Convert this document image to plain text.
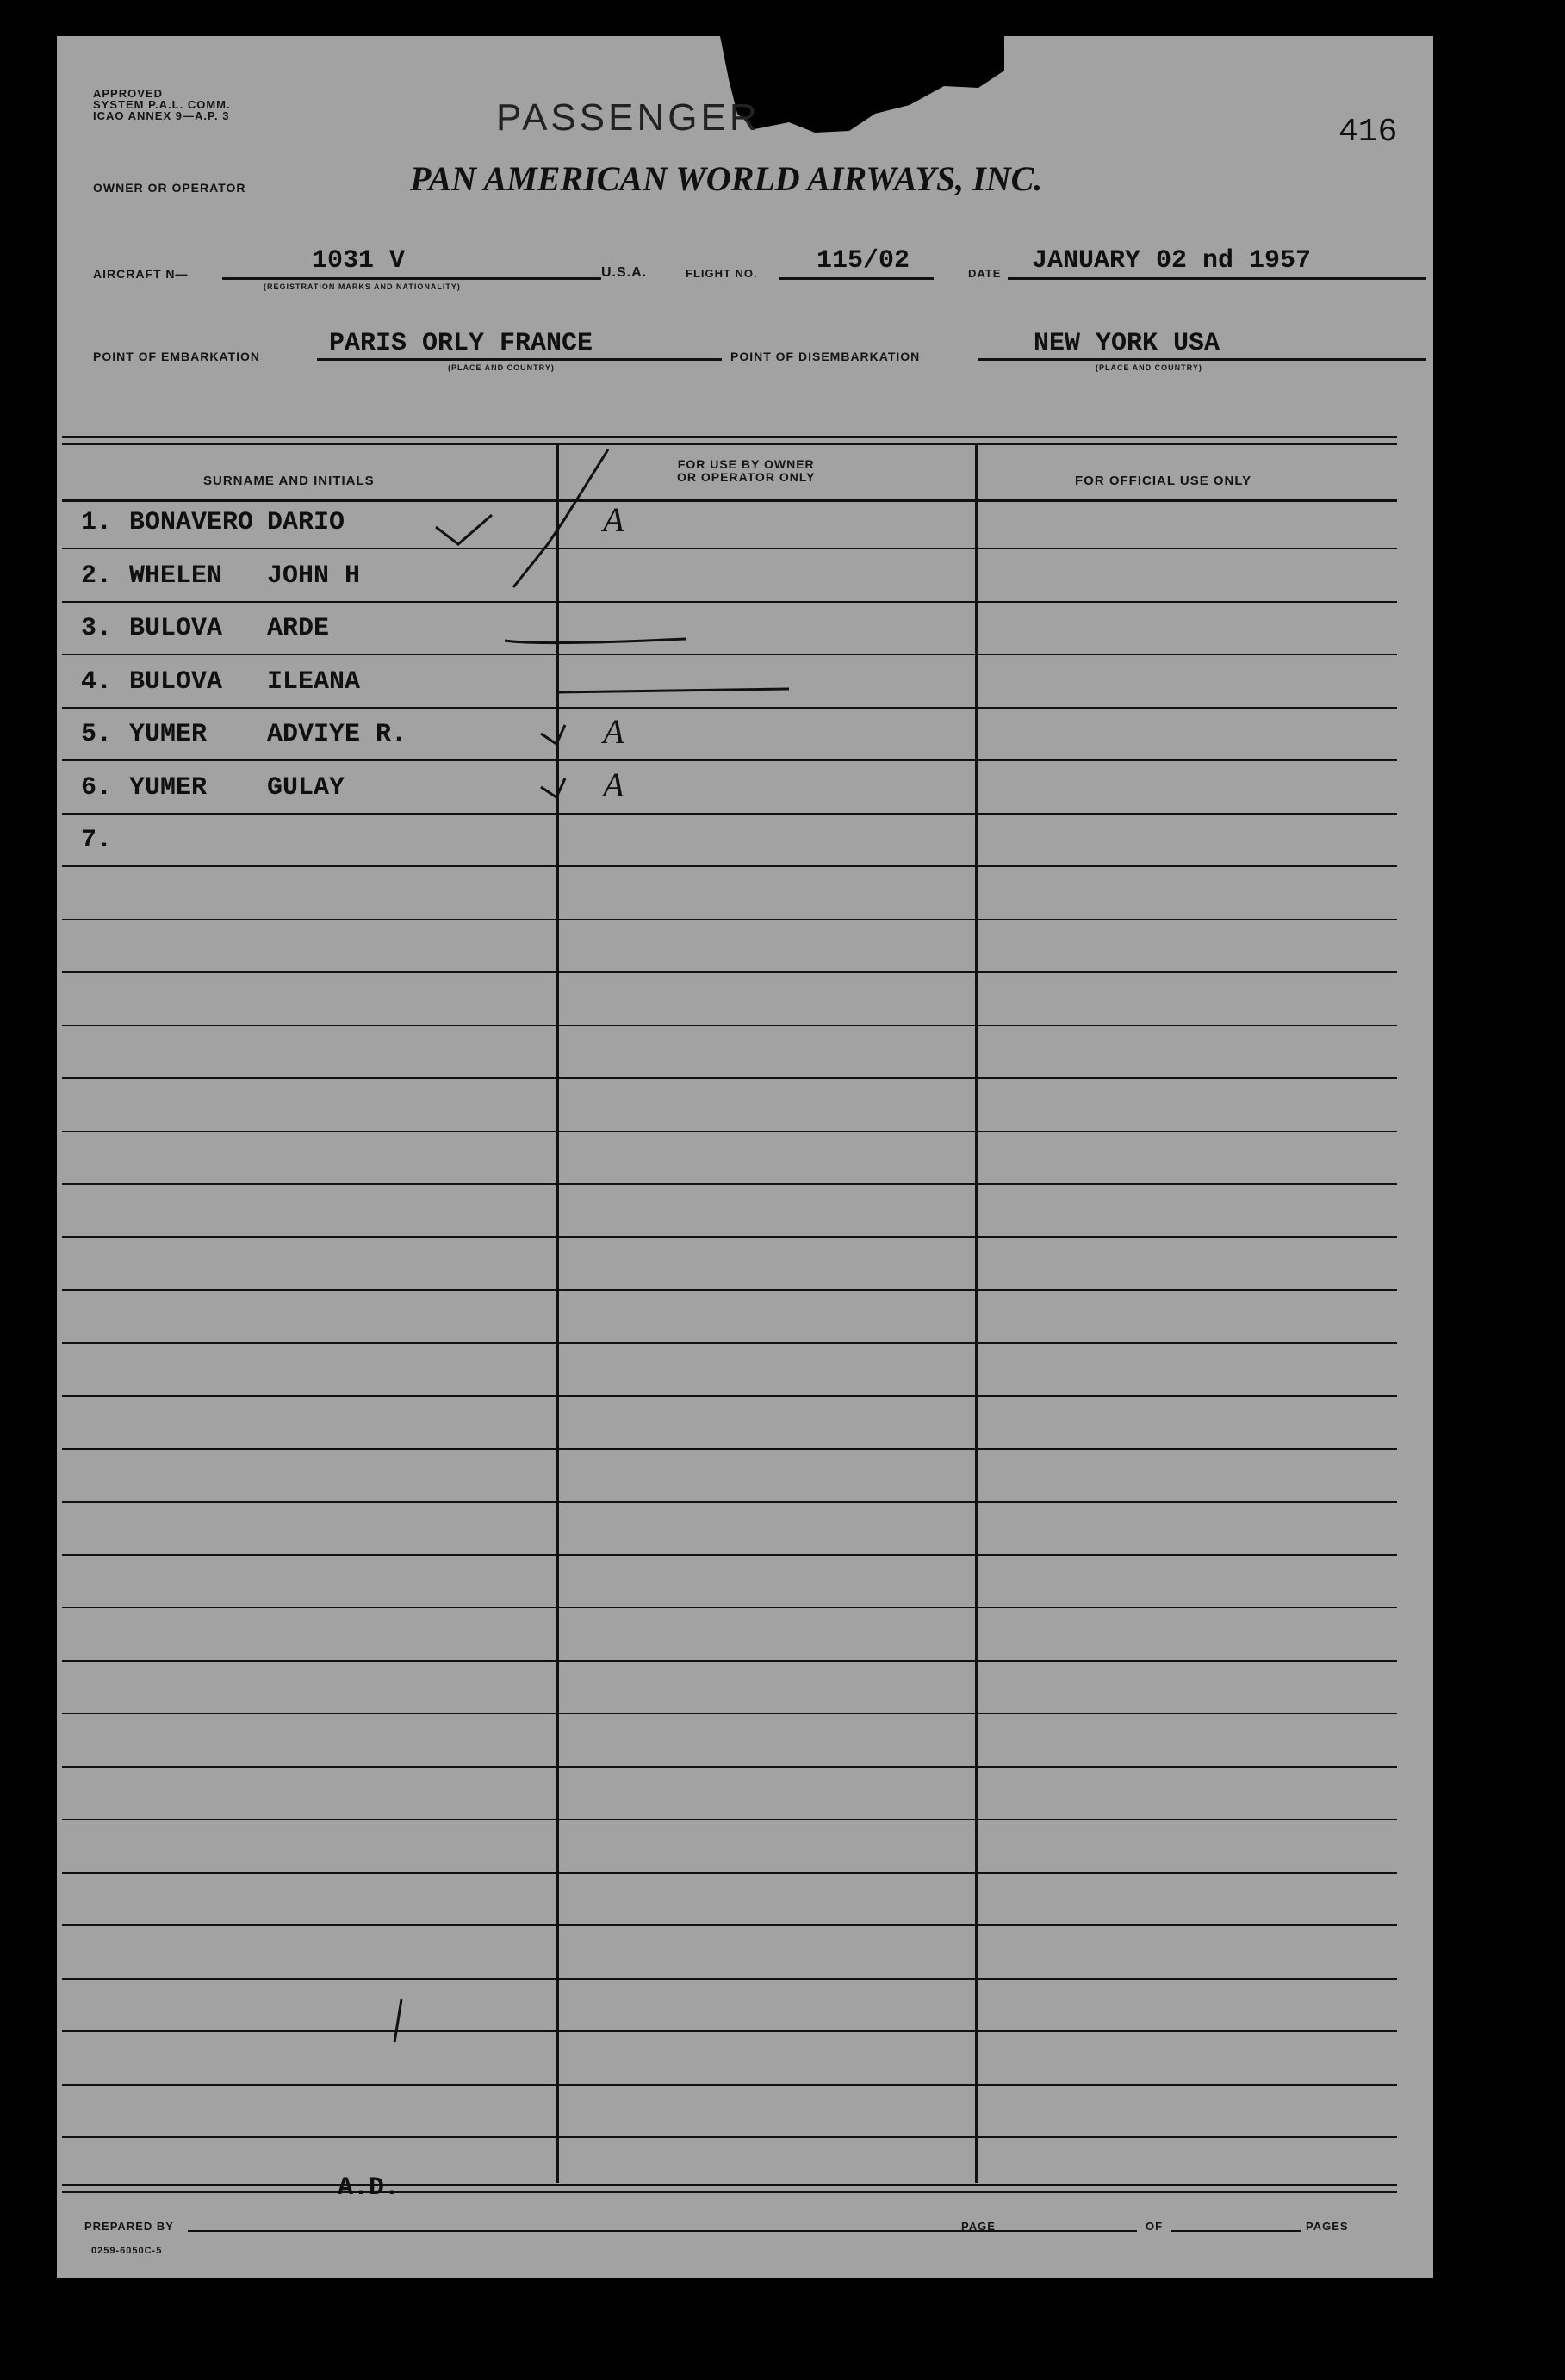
APPROVED
SYSTEM P.A.L. COMM.
ICAO ANNEX 9—A.P. 3	PASSENGER	416
PAN AMERICAN WORLD AIRWAYS, INC.
OWNER OR OPERATOR
AIRCRAFT N—	1031 V
(REGISTRATION MARKS AND NATIONALITY)
U.S.A.	FLIGHT NO. 115/02	DATE JANUARY 02 nd 1957
POINT OF EMBARKATION	PARIS ORLY FRANCE
(PLACE AND COUNTRY)
POINT OF DISEMBARKATION	NEW YORK USA
(PLACE AND COUNTRY)
SURNAME AND INITIALS
FOR USE BY OWNER
OR OPERATOR ONLY	FOR OFFICIAL USE ONLY
1. BONAVERO DARIO	A
2. WHELEN JOHN H
3. BULOVA ARDE
4. BULOVA ILEANA
5. YUMER ADVIYE R.	A
6. YUMER GULAY	A
7.
A.D.
PREPARED BY	PAGE	OF	PAGES
0259-6050C-5
